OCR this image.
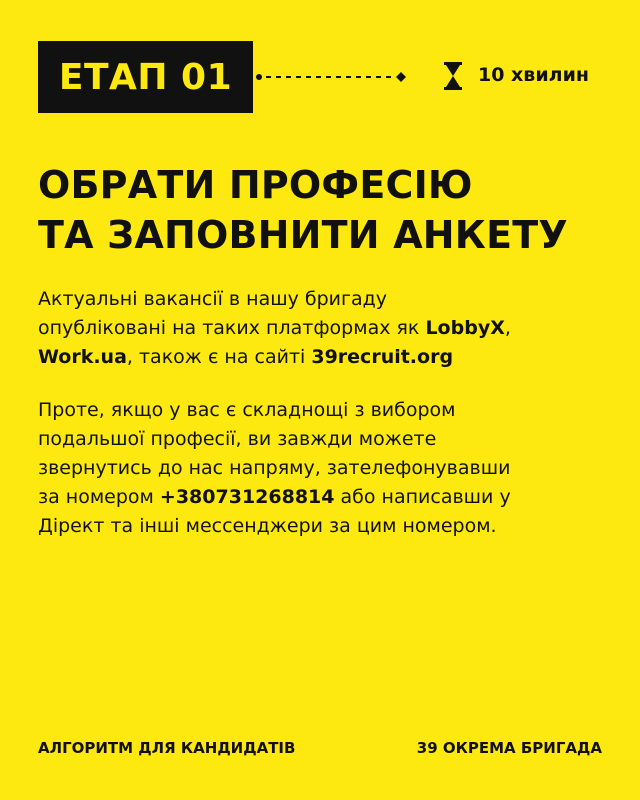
ЕТАП 01	10 хвилин
ОБРАТИ ПРОФЕСІЮ
ТА ЗАПОВНИТИ АНКЕТУ

Актуальні вакансії в нашу бригаду
опубліковані на таких платформах як LobbyX,
Work.ua, також є на сайті 39recruit.org

Проте, якщо у вас є складнощі з вибором
подальшої професії, ви завжди можете
звернутись до нас напряму, зателефонувавши
за номером +380731268814 або написавши у
Дірект та інші мессенджери за цим номером.

АЛГОРИТМ ДЛЯ КАНДИДАТІВ	39 ОКРЕМА БРИГАДА
